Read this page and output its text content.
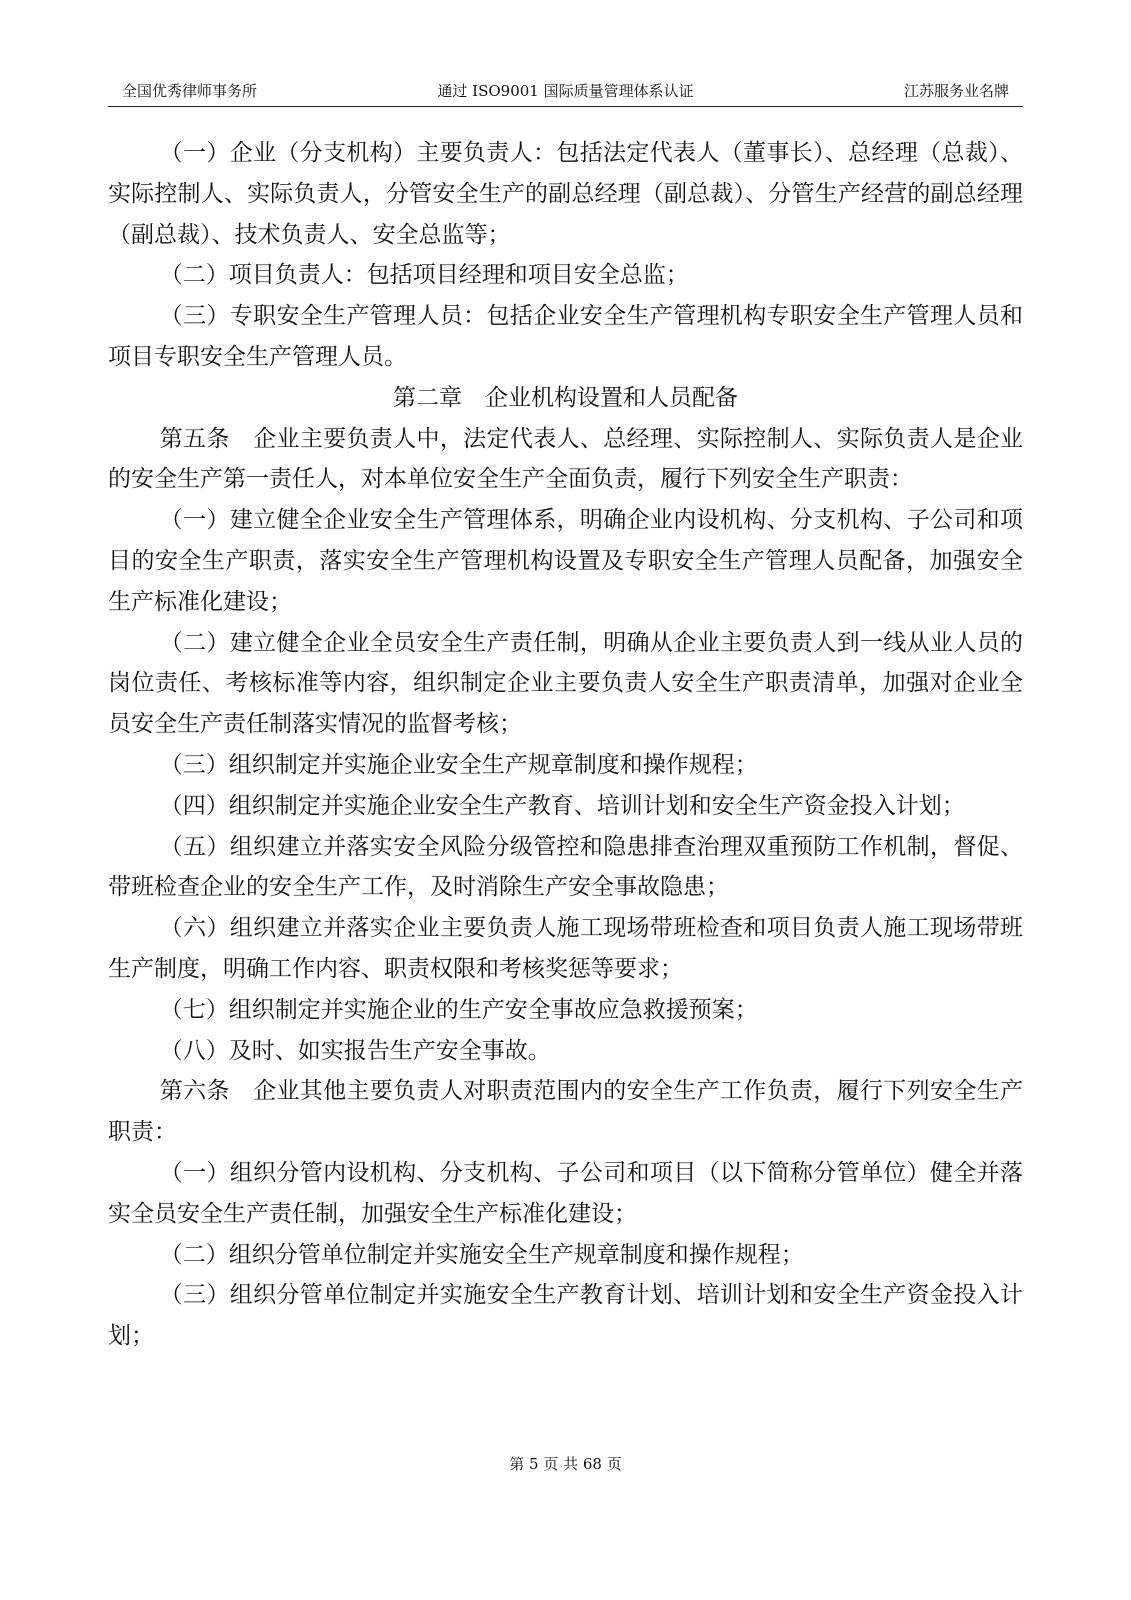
全国优秀律师事务所	通过 ISO9001 国际质量管理体系认证	江苏服务业名牌

（一）企业（分支机构）主要负责人：包括法定代表人（董事长）、总经理（总裁）、实际控制人、实际负责人，分管安全生产的副总经理（副总裁）、分管生产经营的副总经理（副总裁）、技术负责人、安全总监等；

（二）项目负责人：包括项目经理和项目安全总监；

（三）专职安全生产管理人员：包括企业安全生产管理机构专职安全生产管理人员和项目专职安全生产管理人员。

第二章　企业机构设置和人员配备

第五条　企业主要负责人中，法定代表人、总经理、实际控制人、实际负责人是企业的安全生产第一责任人，对本单位安全生产全面负责，履行下列安全生产职责：

（一）建立健全企业安全生产管理体系，明确企业内设机构、分支机构、子公司和项目的安全生产职责，落实安全生产管理机构设置及专职安全生产管理人员配备，加强安全生产标准化建设；

（二）建立健全企业全员安全生产责任制，明确从企业主要负责人到一线从业人员的岗位责任、考核标准等内容，组织制定企业主要负责人安全生产职责清单，加强对企业全员安全生产责任制落实情况的监督考核；

（三）组织制定并实施企业安全生产规章制度和操作规程；

（四）组织制定并实施企业安全生产教育、培训计划和安全生产资金投入计划；

（五）组织建立并落实安全风险分级管控和隐患排查治理双重预防工作机制，督促、带班检查企业的安全生产工作，及时消除生产安全事故隐患；

（六）组织建立并落实企业主要负责人施工现场带班检查和项目负责人施工现场带班生产制度，明确工作内容、职责权限和考核奖惩等要求；

（七）组织制定并实施企业的生产安全事故应急救援预案；

（八）及时、如实报告生产安全事故。

第六条　企业其他主要负责人对职责范围内的安全生产工作负责，履行下列安全生产职责：

（一）组织分管内设机构、分支机构、子公司和项目（以下简称分管单位）健全并落实全员安全生产责任制，加强安全生产标准化建设；

（二）组织分管单位制定并实施安全生产规章制度和操作规程；

（三）组织分管单位制定并实施安全生产教育计划、培训计划和安全生产资金投入计划；

第 5 页 共 68 页
